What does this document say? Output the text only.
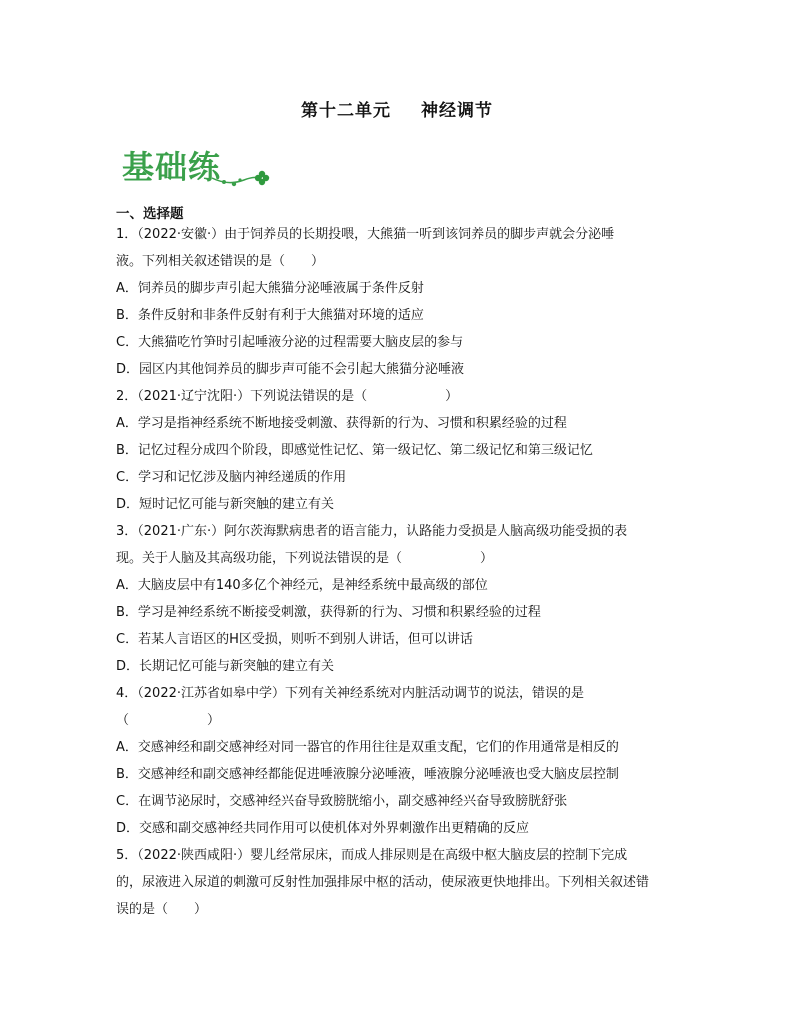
第十二单元 神经调节
基础练
一、选择题
1．（2022·安徽·）由于饲养员的长期投喂，大熊猫一听到该饲养员的脚步声就会分泌唾
液。下列相关叙述错误的是（　　）
A．饲养员的脚步声引起大熊猫分泌唾液属于条件反射
B．条件反射和非条件反射有利于大熊猫对环境的适应
C．大熊猫吃竹笋时引起唾液分泌的过程需要大脑皮层的参与
D．园区内其他饲养员的脚步声可能不会引起大熊猫分泌唾液
2．（2021·辽宁沈阳·）下列说法错误的是（　　　　　　）
A．学习是指神经系统不断地接受刺激、获得新的行为、习惯和积累经验的过程
B．记忆过程分成四个阶段，即感觉性记忆、第一级记忆、第二级记忆和第三级记忆
C．学习和记忆涉及脑内神经递质的作用
D．短时记忆可能与新突触的建立有关
3．（2021·广东·）阿尔茨海默病患者的语言能力，认路能力受损是人脑高级功能受损的表
现。关于人脑及其高级功能，下列说法错误的是（　　　　　　）
A．大脑皮层中有140多亿个神经元，是神经系统中最高级的部位
B．学习是神经系统不断接受刺激，获得新的行为、习惯和积累经验的过程
C．若某人言语区的H区受损，则听不到别人讲话，但可以讲话
D．长期记忆可能与新突触的建立有关
4．（2022·江苏省如皋中学）下列有关神经系统对内脏活动调节的说法，错误的是
（　　　　　　）
A．交感神经和副交感神经对同一器官的作用往往是双重支配，它们的作用通常是相反的
B．交感神经和副交感神经都能促进唾液腺分泌唾液，唾液腺分泌唾液也受大脑皮层控制
C．在调节泌尿时，交感神经兴奋导致膀胱缩小，副交感神经兴奋导致膀胱舒张
D．交感和副交感神经共同作用可以使机体对外界刺激作出更精确的反应
5．（2022·陕西咸阳·）婴儿经常尿床，而成人排尿则是在高级中枢大脑皮层的控制下完成
的，尿液进入尿道的刺激可反射性加强排尿中枢的活动，使尿液更快地排出。下列相关叙述错
误的是（　　）
